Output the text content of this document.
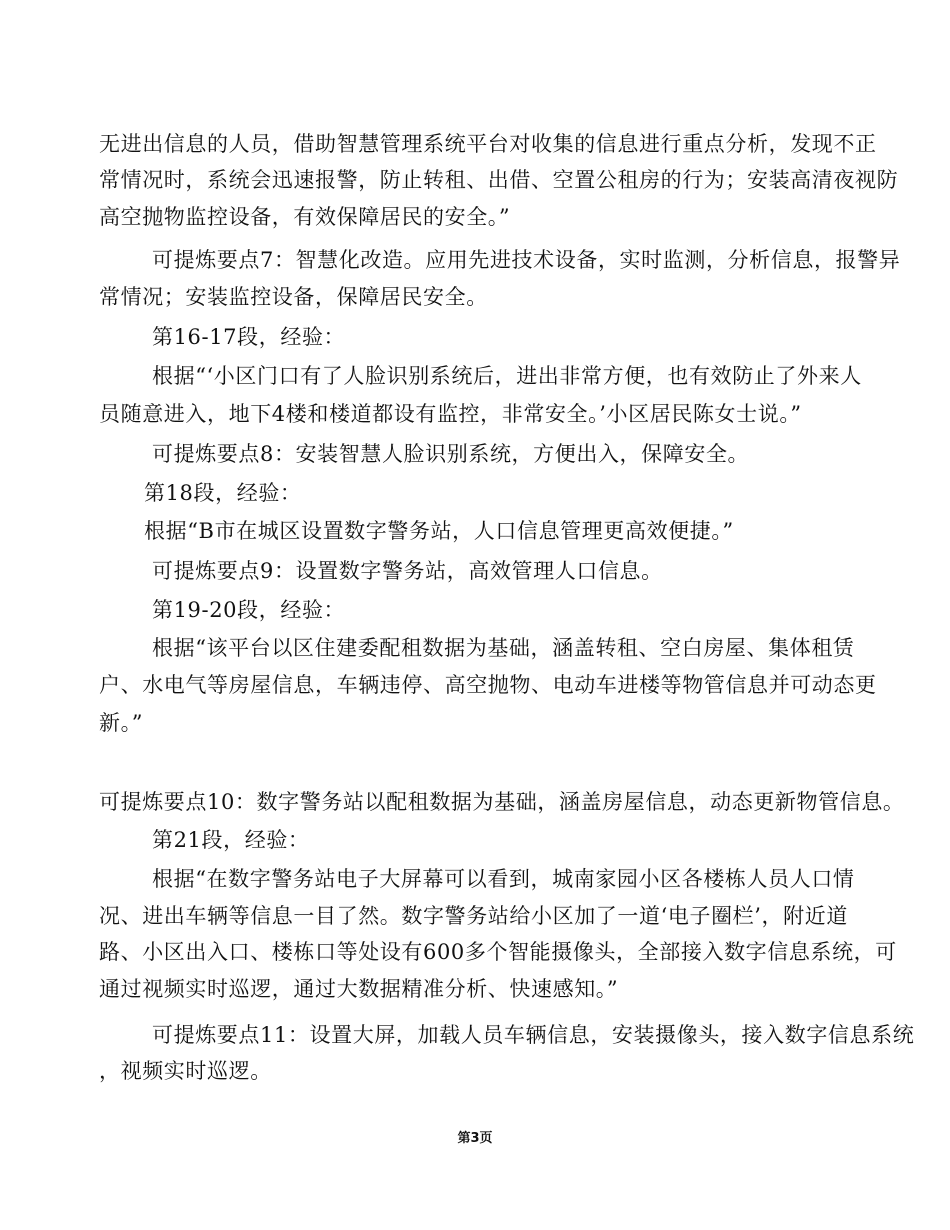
无进出信息的人员，借助智慧管理系统平台对收集的信息进行重点分析，发现不正
常情况时，系统会迅速报警，防止转租、出借、空置公租房的行为；安装高清夜视防
高空抛物监控设备，有效保障居民的安全。”
可提炼要点7：智慧化改造。应用先进技术设备，实时监测，分析信息，报警异
常情况；安装监控设备，保障居民安全。
第16-17段，经验：
根据“‘小区门口有了人脸识别系统后，进出非常方便，也有效防止了外来人
员随意进入，地下4楼和楼道都设有监控，非常安全。’小区居民陈女士说。”
可提炼要点8：安装智慧人脸识别系统，方便出入，保障安全。
第18段，经验：
根据“B市在城区设置数字警务站，人口信息管理更高效便捷。”
可提炼要点9：设置数字警务站，高效管理人口信息。
第19-20段，经验：
根据“该平台以区住建委配租数据为基础，涵盖转租、空白房屋、集体租赁
户、水电气等房屋信息，车辆违停、高空抛物、电动车进楼等物管信息并可动态更
新。”
可提炼要点10：数字警务站以配租数据为基础，涵盖房屋信息，动态更新物管信息。
第21段，经验：
根据“在数字警务站电子大屏幕可以看到，城南家园小区各楼栋人员人口情
况、进出车辆等信息一目了然。数字警务站给小区加了一道‘电子圈栏’，附近道
路、小区出入口、楼栋口等处设有600多个智能摄像头，全部接入数字信息系统，可
通过视频实时巡逻，通过大数据精准分析、快速感知。”
可提炼要点11：设置大屏，加载人员车辆信息，安装摄像头，接入数字信息系统
，视频实时巡逻。
第3页
